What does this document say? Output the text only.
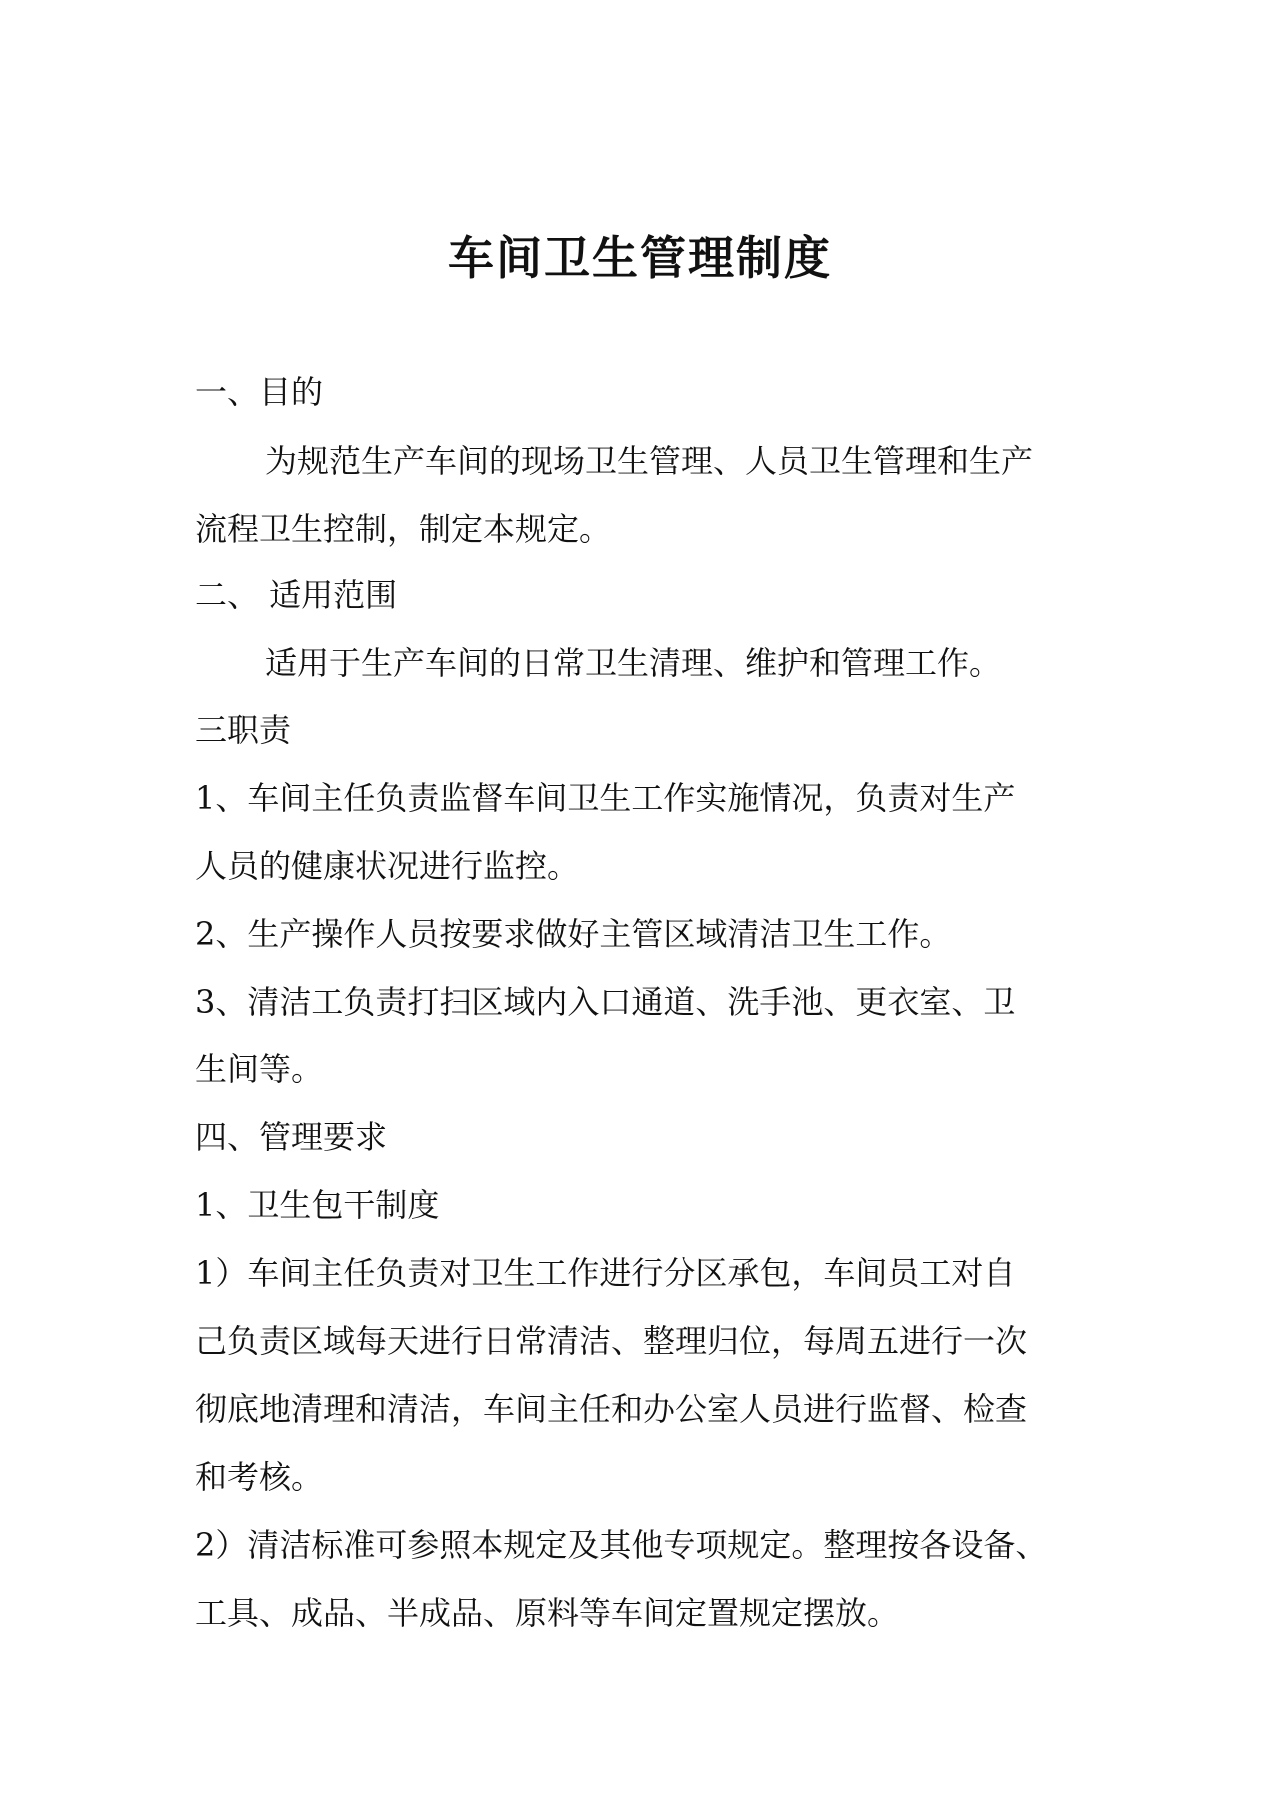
车间卫生管理制度

一、目的

为规范生产车间的现场卫生管理、人员卫生管理和生产

流程卫生控制，制定本规定。

二、 适用范围

适用于生产车间的日常卫生清理、维护和管理工作。

三职责

1、车间主任负责监督车间卫生工作实施情况，负责对生产

人员的健康状况进行监控。

2、生产操作人员按要求做好主管区域清洁卫生工作。

3、清洁工负责打扫区域内入口通道、洗手池、更衣室、卫

生间等。

四、管理要求

1、卫生包干制度

1）车间主任负责对卫生工作进行分区承包，车间员工对自

己负责区域每天进行日常清洁、整理归位，每周五进行一次

彻底地清理和清洁，车间主任和办公室人员进行监督、检查

和考核。

2）清洁标准可参照本规定及其他专项规定。整理按各设备、

工具、成品、半成品、原料等车间定置规定摆放。
